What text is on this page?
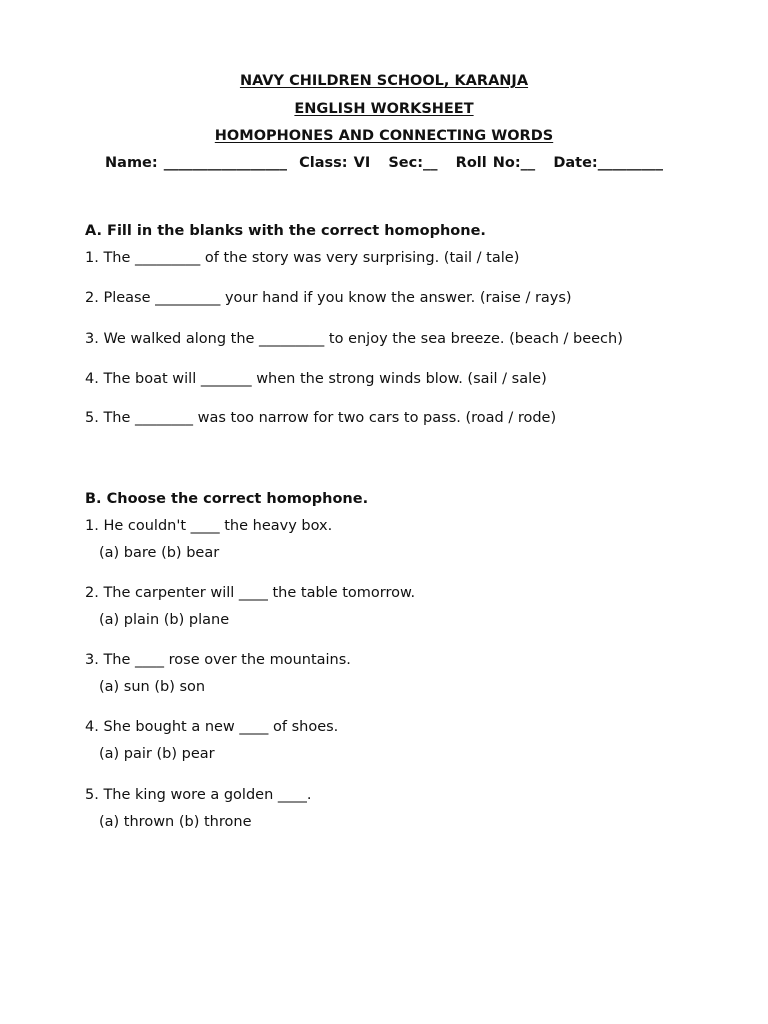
NAVY CHILDREN SCHOOL, KARANJA
ENGLISH WORKSHEET
HOMOPHONES AND CONNECTING WORDS
Name: _________________  Class: VI   Sec:__   Roll No:__   Date:_________
A. Fill in the blanks with the correct homophone.
1. The _________ of the story was very surprising. (tail / tale)
2. Please _________ your hand if you know the answer. (raise / rays)
3. We walked along the _________ to enjoy the sea breeze. (beach / beech)
4. The boat will _______ when the strong winds blow. (sail / sale)
5. The ________ was too narrow for two cars to pass. (road / rode)
B. Choose the correct homophone.
1. He couldn't ____ the heavy box.
(a) bare (b) bear
2. The carpenter will ____ the table tomorrow.
(a) plain (b) plane
3. The ____ rose over the mountains.
(a) sun (b) son
4. She bought a new ____ of shoes.
(a) pair (b) pear
5. The king wore a golden ____.
(a) thrown (b) throne
